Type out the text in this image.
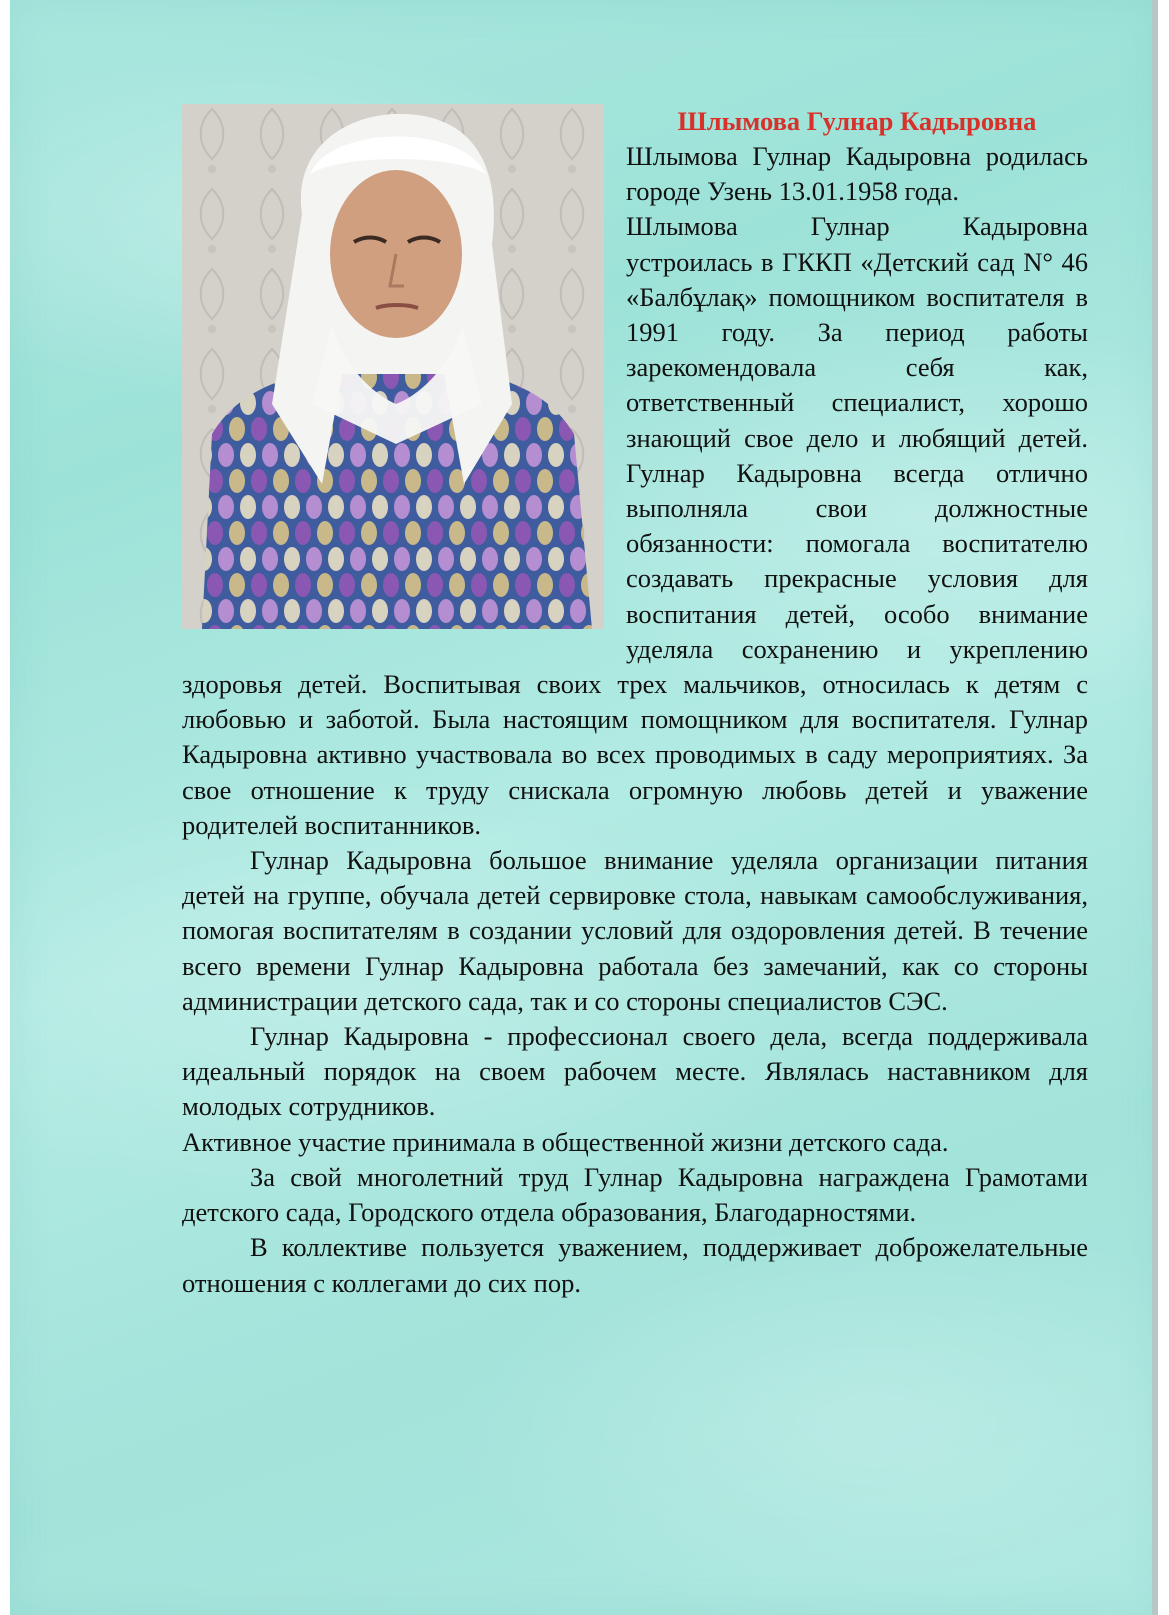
Шлымова Гулнар Кадыровна

Шлымова Гулнар Кадыровна родилась городе Узень 13.01.1958 года.

Шлымова Гулнар Кадыровна устроилась в ГККП «Детский сад N° 46 «Балбұлақ» помощником воспитателя в 1991 году. За период работы зарекомендовала себя как, ответственный специалист, хорошо знающий свое дело и любящий детей. Гулнар Кадыровна всегда отлично выполняла свои должностные обязанности: помогала воспитателю создавать прекрасные условия для воспитания детей, особо внимание уделяла сохранению и укреплению здоровья детей. Воспитывая своих трех мальчиков, относилась к детям с любовью и заботой. Была настоящим помощником для воспитателя. Гулнар Кадыровна активно участвовала во всех проводимых в саду мероприятиях. За свое отношение к труду снискала огромную любовь детей и уважение родителей воспитанников.

Гулнар Кадыровна большое внимание уделяла организации питания детей на группе, обучала детей сервировке стола, навыкам самообслуживания, помогая воспитателям в создании условий для оздоровления детей. В течение всего времени Гулнар Кадыровна работала без замечаний, как со стороны администрации детского сада, так и со стороны специалистов СЭС.

Гулнар Кадыровна - профессионал своего дела, всегда поддерживала идеальный порядок на своем рабочем месте. Являлась наставником для молодых сотрудников.

Активное участие принимала в общественной жизни детского сада.

За свой многолетний труд Гулнар Кадыровна награждена Грамотами детского сада, Городского отдела образования, Благодарностями.

В коллективе пользуется уважением, поддерживает доброжелательные отношения с коллегами до сих пор.
